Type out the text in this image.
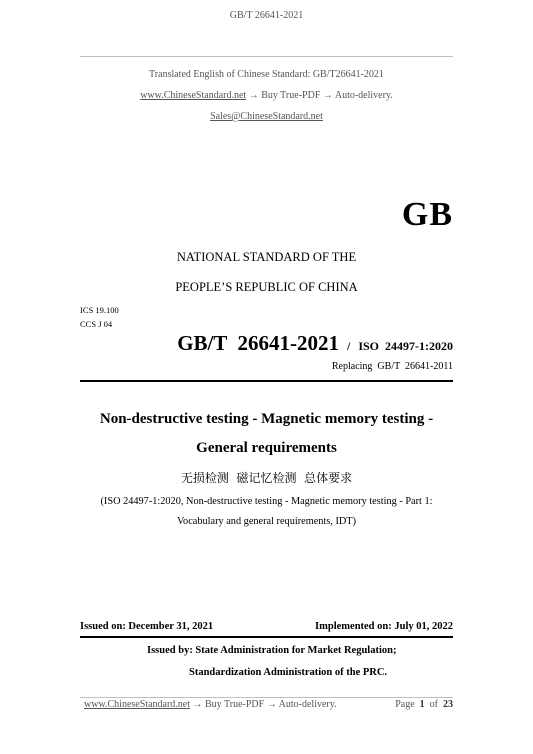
GB/T 26641-2021
Translated English of Chinese Standard: GB/T26641-2021
www.ChineseStandard.net → Buy True-PDF → Auto-delivery.
Sales@ChineseStandard.net
GB
NATIONAL STANDARD OF THE
PEOPLE’S REPUBLIC OF CHINA
ICS 19.100
CCS J 04
GB/T  26641-2021 / ISO  24497-1:2020
Replacing  GB/T  26641-2011
Non-destructive testing - Magnetic memory testing -
General requirements
无损检测  磁记忆检测  总体要求
(ISO 24497-1:2020, Non-destructive testing - Magnetic memory testing - Part 1:
Vocabulary and general requirements, IDT)
Issued on: December 31, 2021	Implemented on: July 01, 2022
Issued by: State Administration for Market Regulation;
Standardization Administration of the PRC.
www.ChineseStandard.net → Buy True-PDF → Auto-delivery.	Page 1 of 23
